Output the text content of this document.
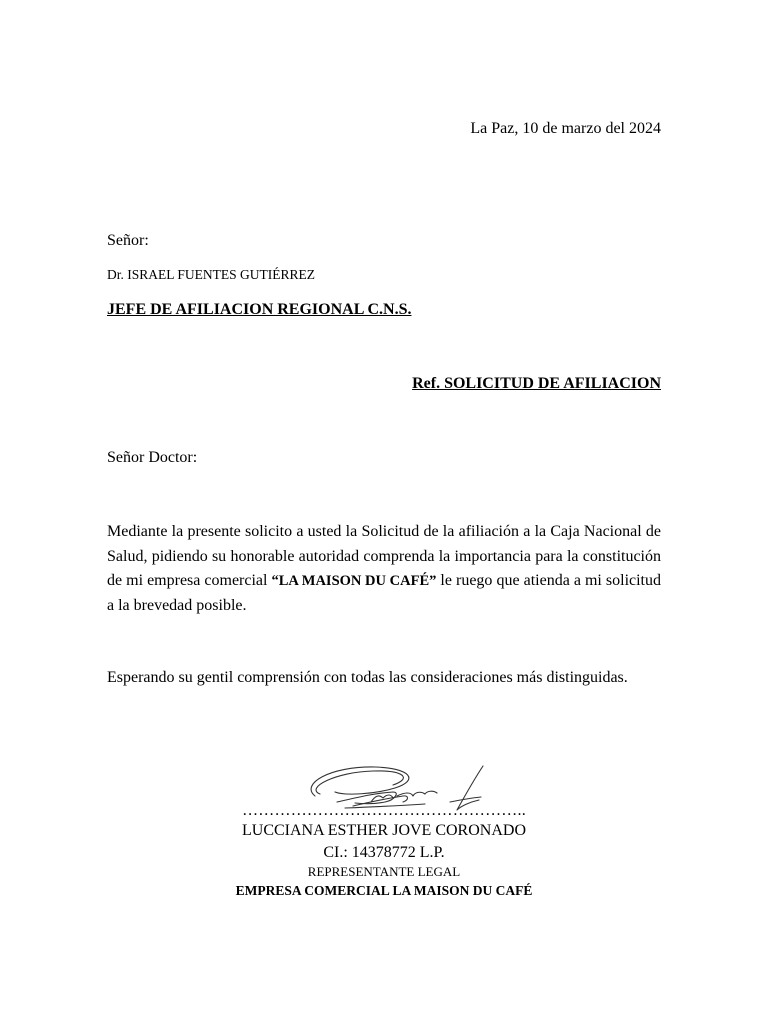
La Paz, 10 de marzo del 2024

Señor:

Dr. ISRAEL FUENTES GUTIÉRREZ

JEFE DE AFILIACION REGIONAL C.N.S.

Ref. SOLICITUD DE AFILIACION

Señor Doctor:

Mediante la presente solicito a usted la Solicitud de la afiliación a la Caja Nacional de Salud, pidiendo su honorable autoridad comprenda la importancia para la constitución de mi empresa comercial “LA MAISON DU CAFÉ” le ruego que atienda a mi solicitud a la brevedad posible.

Esperando su gentil comprensión con todas las consideraciones más distinguidas.

……………………………………………..

LUCCIANA ESTHER JOVE CORONADO

CI.: 14378772 L.P.

REPRESENTANTE LEGAL

EMPRESA COMERCIAL LA MAISON DU CAFÉ
